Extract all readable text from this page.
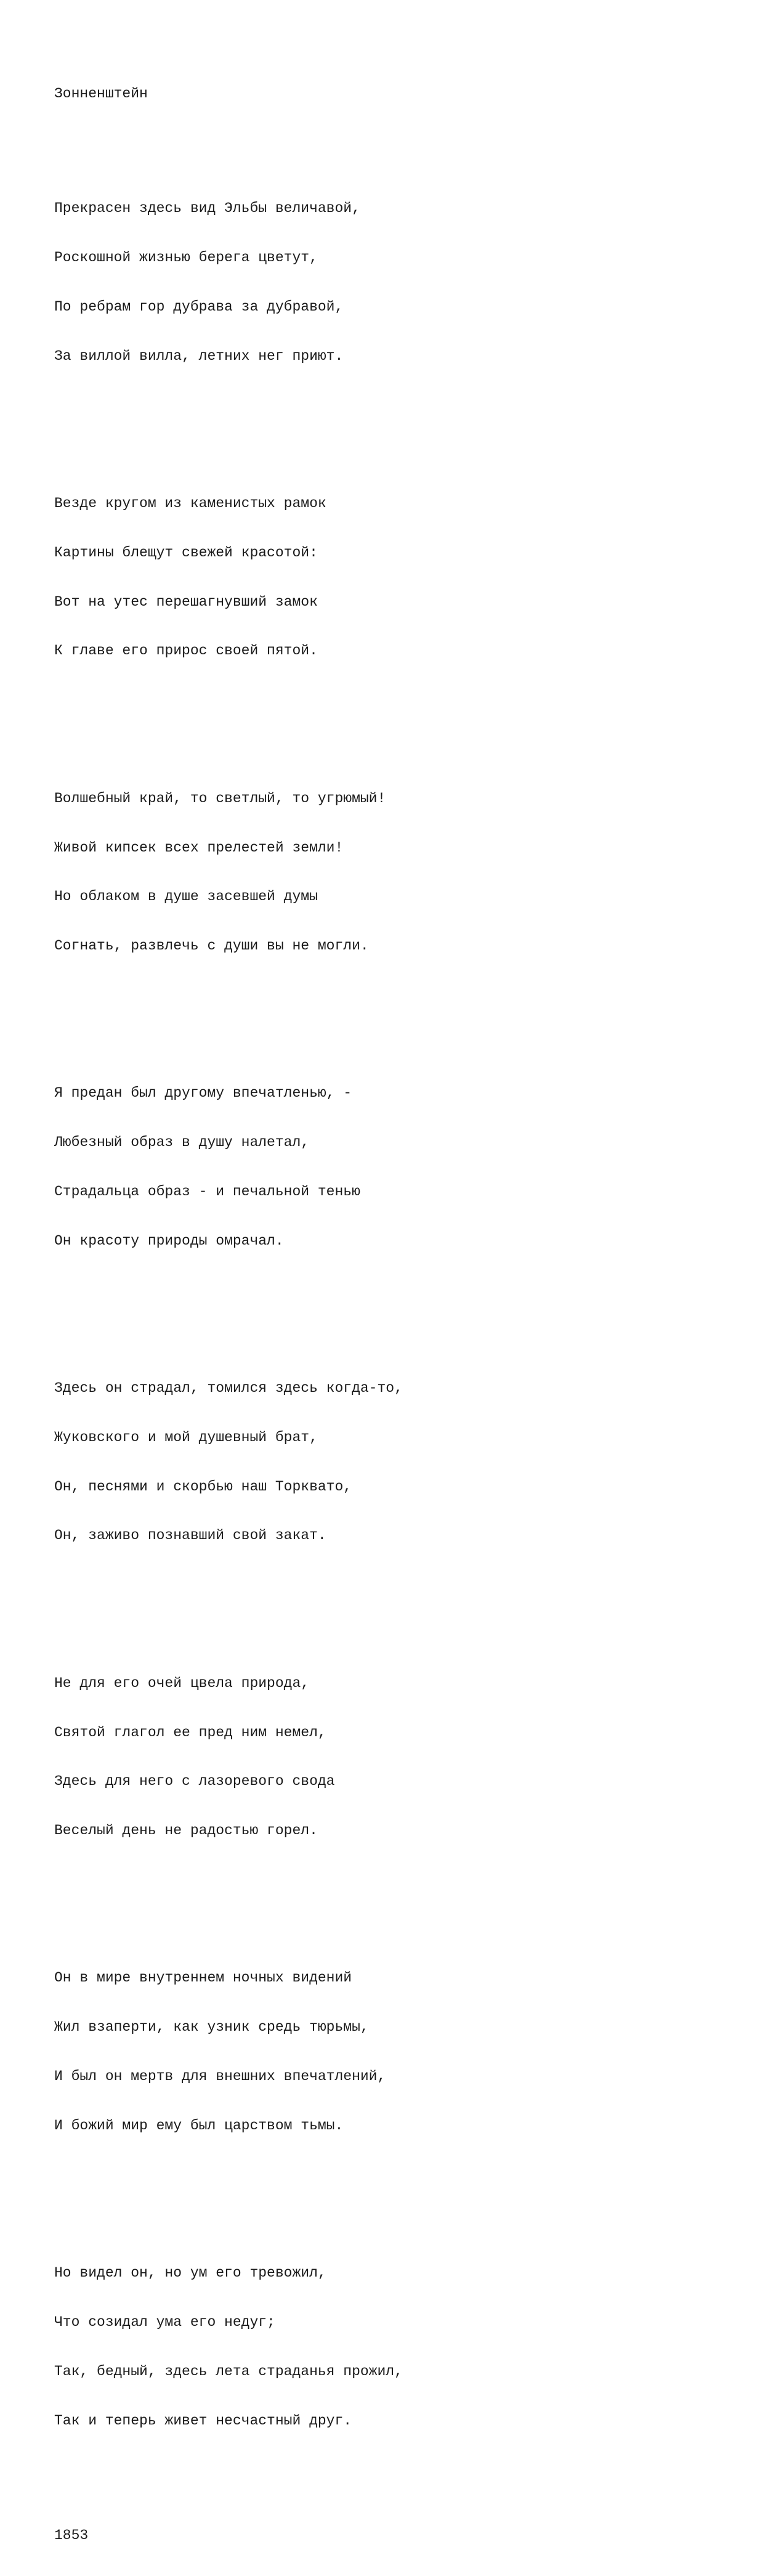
Зонненштейн

Прекрасен здесь вид Эльбы величавой,

Роскошной жизнью берега цветут,

По ребрам гор дубрава за дубравой,

За виллой вилла, летних нег приют.

Везде кругом из каменистых рамок

Картины блещут свежей красотой:

Вот на утес перешагнувший замок

К главе его прирос своей пятой.

Волшебный край, то светлый, то угрюмый!

Живой кипсек всех прелестей земли!

Но облаком в душе засевшей думы

Согнать, развлечь с души вы не могли.

Я предан был другому впечатленью, -

Любезный образ в душу налетал,

Страдальца образ - и печальной тенью

Он красоту природы омрачал.

Здесь он страдал, томился здесь когда-то,

Жуковского и мой душевный брат,

Он, песнями и скорбью наш Торквато,

Он, заживо познавший свой закат.

Не для его очей цвела природа,

Святой глагол ее пред ним немел,

Здесь для него с лазоревого свода

Веселый день не радостью горел.

Он в мире внутреннем ночных видений

Жил взаперти, как узник средь тюрьмы,

И был он мертв для внешних впечатлений,

И божий мир ему был царством тьмы.

Но видел он, но ум его тревожил,

Что созидал ума его недуг;

Так, бедный, здесь лета страданья прожил,

Так и теперь живет несчастный друг.

1853
